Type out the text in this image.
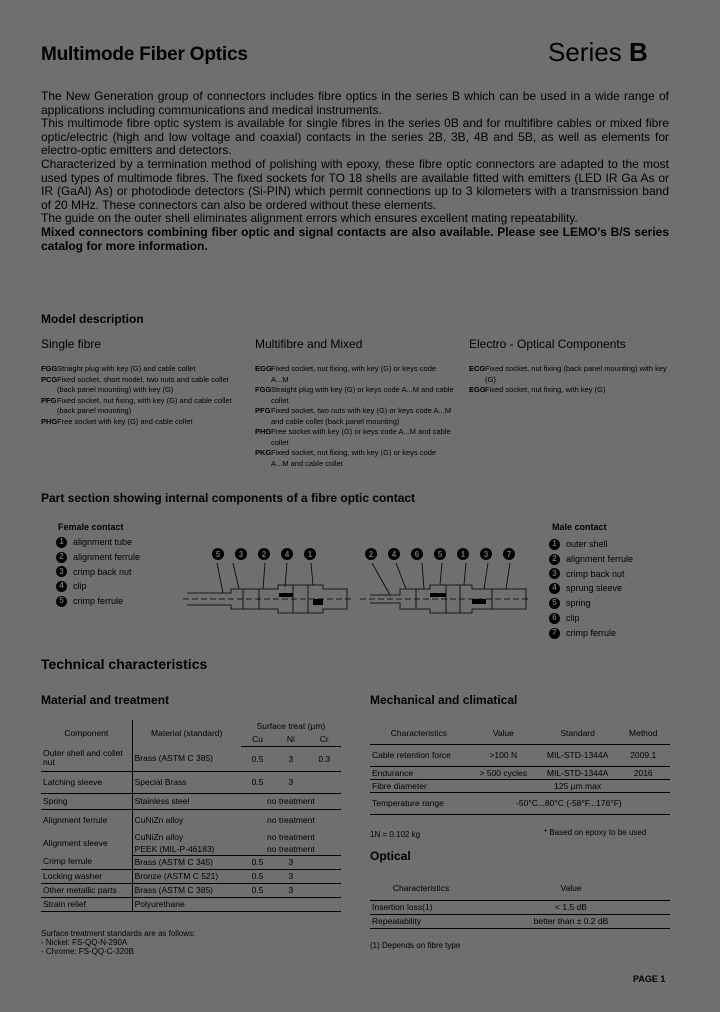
Multimode Fiber Optics	Series B

The New Generation group of connectors includes fibre optics in the series B which can be used in a wide range of applications including communications and medical instruments.

This multimode fibre optic system is available for single fibres in the series 0B and for multifibre cables or mixed fibre optic/electric (high and low voltage and coaxial) contacts in the series 2B, 3B, 4B and 5B, as well as elements for electro-optic emitters and detectors.

Characterized by a termination method of polishing with epoxy, these fibre optic connectors are adapted to the most used types of multimode fibres. The fixed sockets for TO 18 shells are available fitted with emitters (LED IR Ga As or IR (GaAl) As) or photodiode detectors (Si-PIN) which permit connections up to 3 kilometers with a transmission band of 20 MHz. These connectors can also be ordered without these elements.

The guide on the outer shell eliminates alignment errors which ensures excellent mating repeatability.

Mixed connectors combining fiber optic and signal contacts are also available. Please see LEMO's B/S series catalog for more information.

Model description
Single fibre
FGG Straight plug with key (G) and cable collet
PCG Fixed socket, short model, two nuts and cable collet (back panel mounting) with key (G)
PFG Fixed socket, nut fixing, with key (G) and cable collet (back panel mounting)
PHG Free socket with key (G) and cable collet
Multifibre and Mixed
EGG Fixed socket, nut fixing, with key (G) or keys code A...M
FGG Straight plug with key (G) or keys code A...M and cable collet
PFG Fixed socket, two nuts with key (G) or keys code A...M and cable collet (back panel mounting)
PHG Free socket with key (G) or keys code A...M and cable collet
PKG Fixed socket, nut fixing, with key (G) or keys code A...M and cable collet
Electro - Optical Components
ECG Fixed socket, nut fixing (back panel mounting) with key (G)
EGG Fixed socket, nut fixing, with key (G)
Part section showing internal components of a fibre optic contact
Female contact
1	alignment tube
2	alignment ferrule
3	crimp back nut
4	clip
5	crimp ferrule
5	3	2	4	1	2	4	6	5	1	3	7
Male contact
1	outer shell
2	alignment ferrule
3	crimp back nut
4	sprung sleeve
5	spring
6	clip
7	crimp ferrule
Technical characteristics
Material and treatment
Component	Material (standard)	Surface treat (µm)		
		Cu	Ni	Cr
Outer shell and collet nut	Brass (ASTM C 385)	0.5	3	0.3
Latching sleeve	Special Brass	0.5	3	
Spring	Stainless steel	no treatment		
Alignment ferrule	CuNiZn alloy	no treatment		
Alignment sleeve	CuNiZn alloy	no treatment		
	PEEK (MIL-P-46183)	no treatment		
Crimp ferrule	Brass (ASTM C 345)	0.5	3	
Locking washer	Bronze (ASTM C 521)	0.5	3	
Other metallic parts	Brass (ASTM C 385)	0.5	3	
Strain relief	Polyurethane			
Surface treatment standards are as follows:
- Nickel: FS-QQ-N-290A
- Chrome: FS-QQ-C-320B
Mechanical and climatical
Characteristics	Value	Standard	Method
Cable retention force	>100 N	MIL-STD-1344A	2009.1
Endurance	> 500 cycles	MIL-STD-1344A	2016
Fibre diameter		125 µm max	
Temperature range	-50°C...80°C (-58°F...176°F)		
1N = 0.102 kg	* Based on epoxy to be used
Optical
Characteristics	Value
Insertion loss(1)	< 1.5 dB
Repeatability	better than ± 0.2 dB
(1) Depends on fibre type
PAGE 1
